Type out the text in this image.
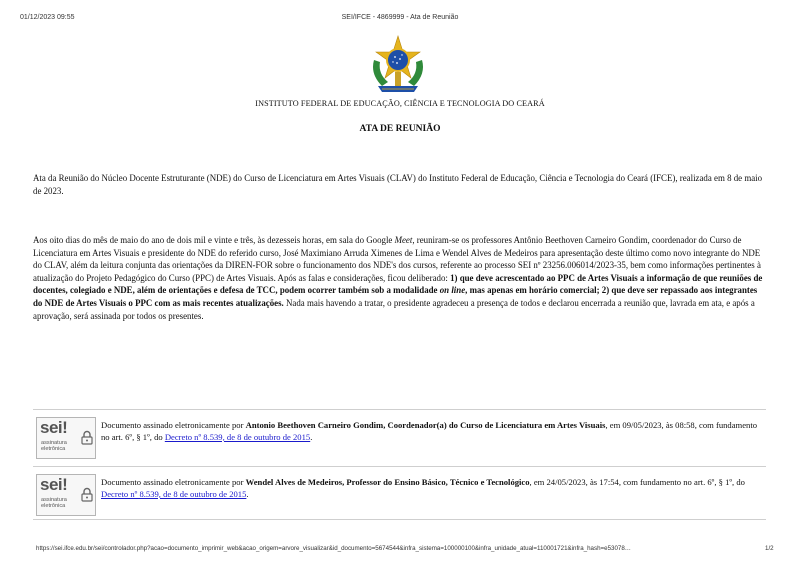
01/12/2023 09:55	SEI/IFCE - 4869999 - Ata de Reunião
INSTITUTO FEDERAL DE EDUCAÇÃO, CIÊNCIA E TECNOLOGIA DO CEARÁ
ATA DE REUNIÃO
Ata da Reunião do Núcleo Docente Estruturante (NDE) do Curso de Licenciatura em Artes Visuais (CLAV) do Instituto Federal de Educação, Ciência e Tecnologia do Ceará (IFCE), realizada em 8 de maio de 2023.
Aos oito dias do mês de maio do ano de dois mil e vinte e três, às dezesseis horas, em sala do Google Meet, reuniram-se os professores Antônio Beethoven Carneiro Gondim, coordenador do Curso de Licenciatura em Artes Visuais e presidente do NDE do referido curso, José Maximiano Arruda Ximenes de Lima e Wendel Alves de Medeiros para apresentação deste último como novo integrante do NDE do CLAV, além da leitura conjunta das orientações da DIREN-FOR sobre o funcionamento dos NDE's dos cursos, referente ao processo SEI nº 23256.006014/2023-35, bem como informações pertinentes à atualização do Projeto Pedagógico do Curso (PPC) de Artes Visuais. Após as falas e considerações, ficou deliberado: 1) que deve acrescentado ao PPC de Artes Visuais a informação de que reuniões de docentes, colegiado e NDE, além de orientações e defesa de TCC, podem ocorrer também sob a modalidade on line, mas apenas em horário comercial; 2) que deve ser repassado aos integrantes do NDE de Artes Visuais o PPC com as mais recentes atualizações. Nada mais havendo a tratar, o presidente agradeceu a presença de todos e declarou encerrada a reunião que, lavrada em ata, e após a aprovação, será assinada por todos os presentes.
sei!
assinatura
eletrônica
Documento assinado eletronicamente por Antonio Beethoven Carneiro Gondim, Coordenador(a) do Curso de Licenciatura em Artes Visuais, em 09/05/2023, às 08:58, com fundamento no art. 6º, § 1º, do Decreto nº 8.539, de 8 de outubro de 2015.
sei!
assinatura
eletrônica
Documento assinado eletronicamente por Wendel Alves de Medeiros, Professor do Ensino Básico, Técnico e Tecnológico, em 24/05/2023, às 17:54, com fundamento no art. 6º, § 1º, do Decreto nº 8.539, de 8 de outubro de 2015.
https://sei.ifce.edu.br/sei/controlador.php?acao=documento_imprimir_web&acao_origem=arvore_visualizar&id_documento=5674544&infra_sistema=100000100&infra_unidade_atual=110001721&infra_hash=e53078…	1/2
